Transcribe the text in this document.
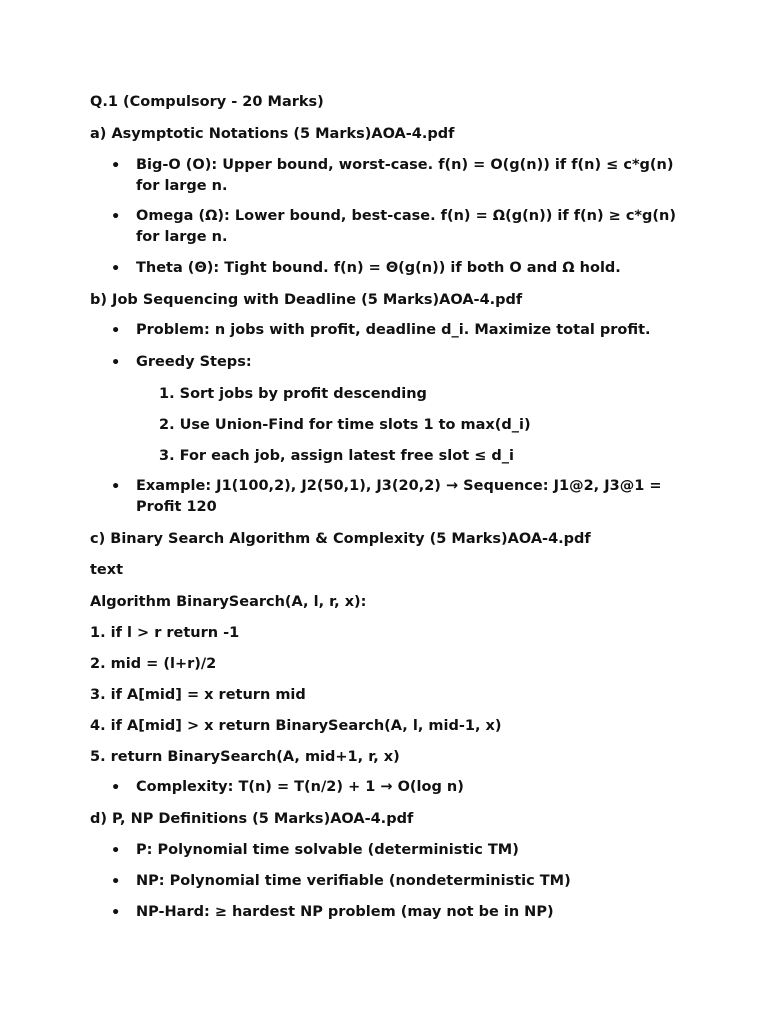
Q.1 (Compulsory - 20 Marks)
a) Asymptotic Notations (5 Marks)AOA-4.pdf
• Big-O (O): Upper bound, worst-case. f(n) = O(g(n)) if f(n) ≤ c*g(n) for large n.
• Omega (Ω): Lower bound, best-case. f(n) = Ω(g(n)) if f(n) ≥ c*g(n) for large n.
• Theta (Θ): Tight bound. f(n) = Θ(g(n)) if both O and Ω hold.
b) Job Sequencing with Deadline (5 Marks)AOA-4.pdf
• Problem: n jobs with profit, deadline d_i. Maximize total profit.
• Greedy Steps:
1. Sort jobs by profit descending
2. Use Union-Find for time slots 1 to max(d_i)
3. For each job, assign latest free slot ≤ d_i
• Example: J1(100,2), J2(50,1), J3(20,2) → Sequence: J1@2, J3@1 = Profit 120
c) Binary Search Algorithm & Complexity (5 Marks)AOA-4.pdf
text
Algorithm BinarySearch(A, l, r, x):
1. if l > r return -1
2. mid = (l+r)/2
3. if A[mid] = x return mid
4. if A[mid] > x return BinarySearch(A, l, mid-1, x)
5. return BinarySearch(A, mid+1, r, x)
• Complexity: T(n) = T(n/2) + 1 → O(log n)
d) P, NP Definitions (5 Marks)AOA-4.pdf
• P: Polynomial time solvable (deterministic TM)
• NP: Polynomial time verifiable (nondeterministic TM)
• NP-Hard: ≥ hardest NP problem (may not be in NP)
